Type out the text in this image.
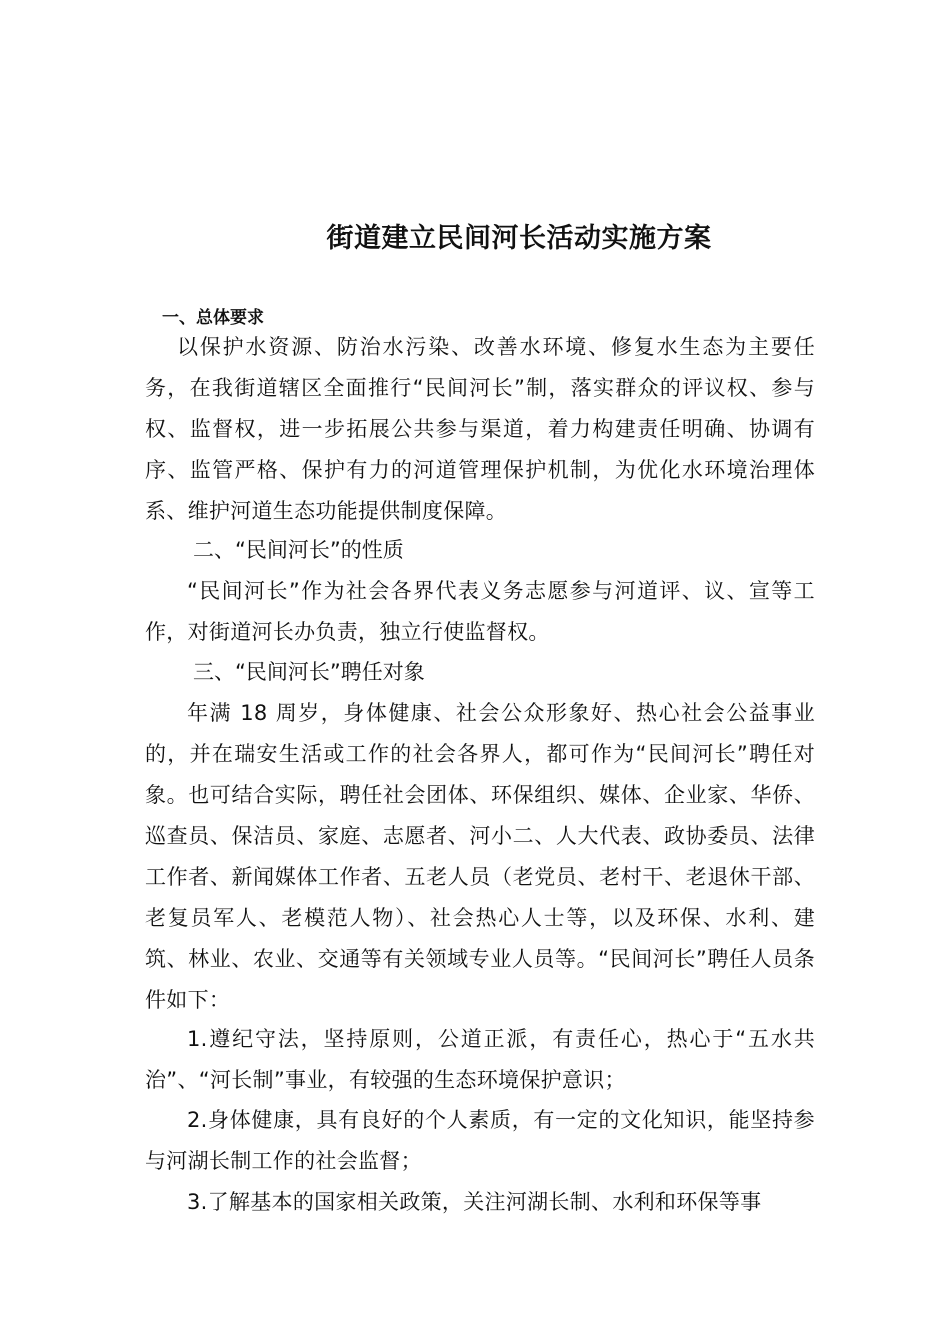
街道建立民间河长活动实施方案
一、总体要求

以保护水资源、防治水污染、改善水环境、修复水生态为主要任务，在我街道辖区全面推行“民间河长”制，落实群众的评议权、参与权、监督权，进一步拓展公共参与渠道，着力构建责任明确、协调有序、监管严格、保护有力的河道管理保护机制，为优化水环境治理体系、维护河道生态功能提供制度保障。

二、“民间河长”的性质

“民间河长”作为社会各界代表义务志愿参与河道评、议、宣等工作，对街道河长办负责，独立行使监督权。

三、“民间河长”聘任对象

年满 18 周岁，身体健康、社会公众形象好、热心社会公益事业的，并在瑞安生活或工作的社会各界人，都可作为“民间河长”聘任对象。也可结合实际，聘任社会团体、环保组织、媒体、企业家、华侨、巡查员、保洁员、家庭、志愿者、河小二、人大代表、政协委员、法律工作者、新闻媒体工作者、五老人员（老党员、老村干、老退休干部、老复员军人、老模范人物）、社会热心人士等，以及环保、水利、建筑、林业、农业、交通等有关领域专业人员等。“民间河长”聘任人员条件如下：

1.遵纪守法，坚持原则，公道正派，有责任心，热心于“五水共治”、“河长制”事业，有较强的生态环境保护意识；

2.身体健康，具有良好的个人素质，有一定的文化知识，能坚持参与河湖长制工作的社会监督；

3.了解基本的国家相关政策，关注河湖长制、水利和环保等事
